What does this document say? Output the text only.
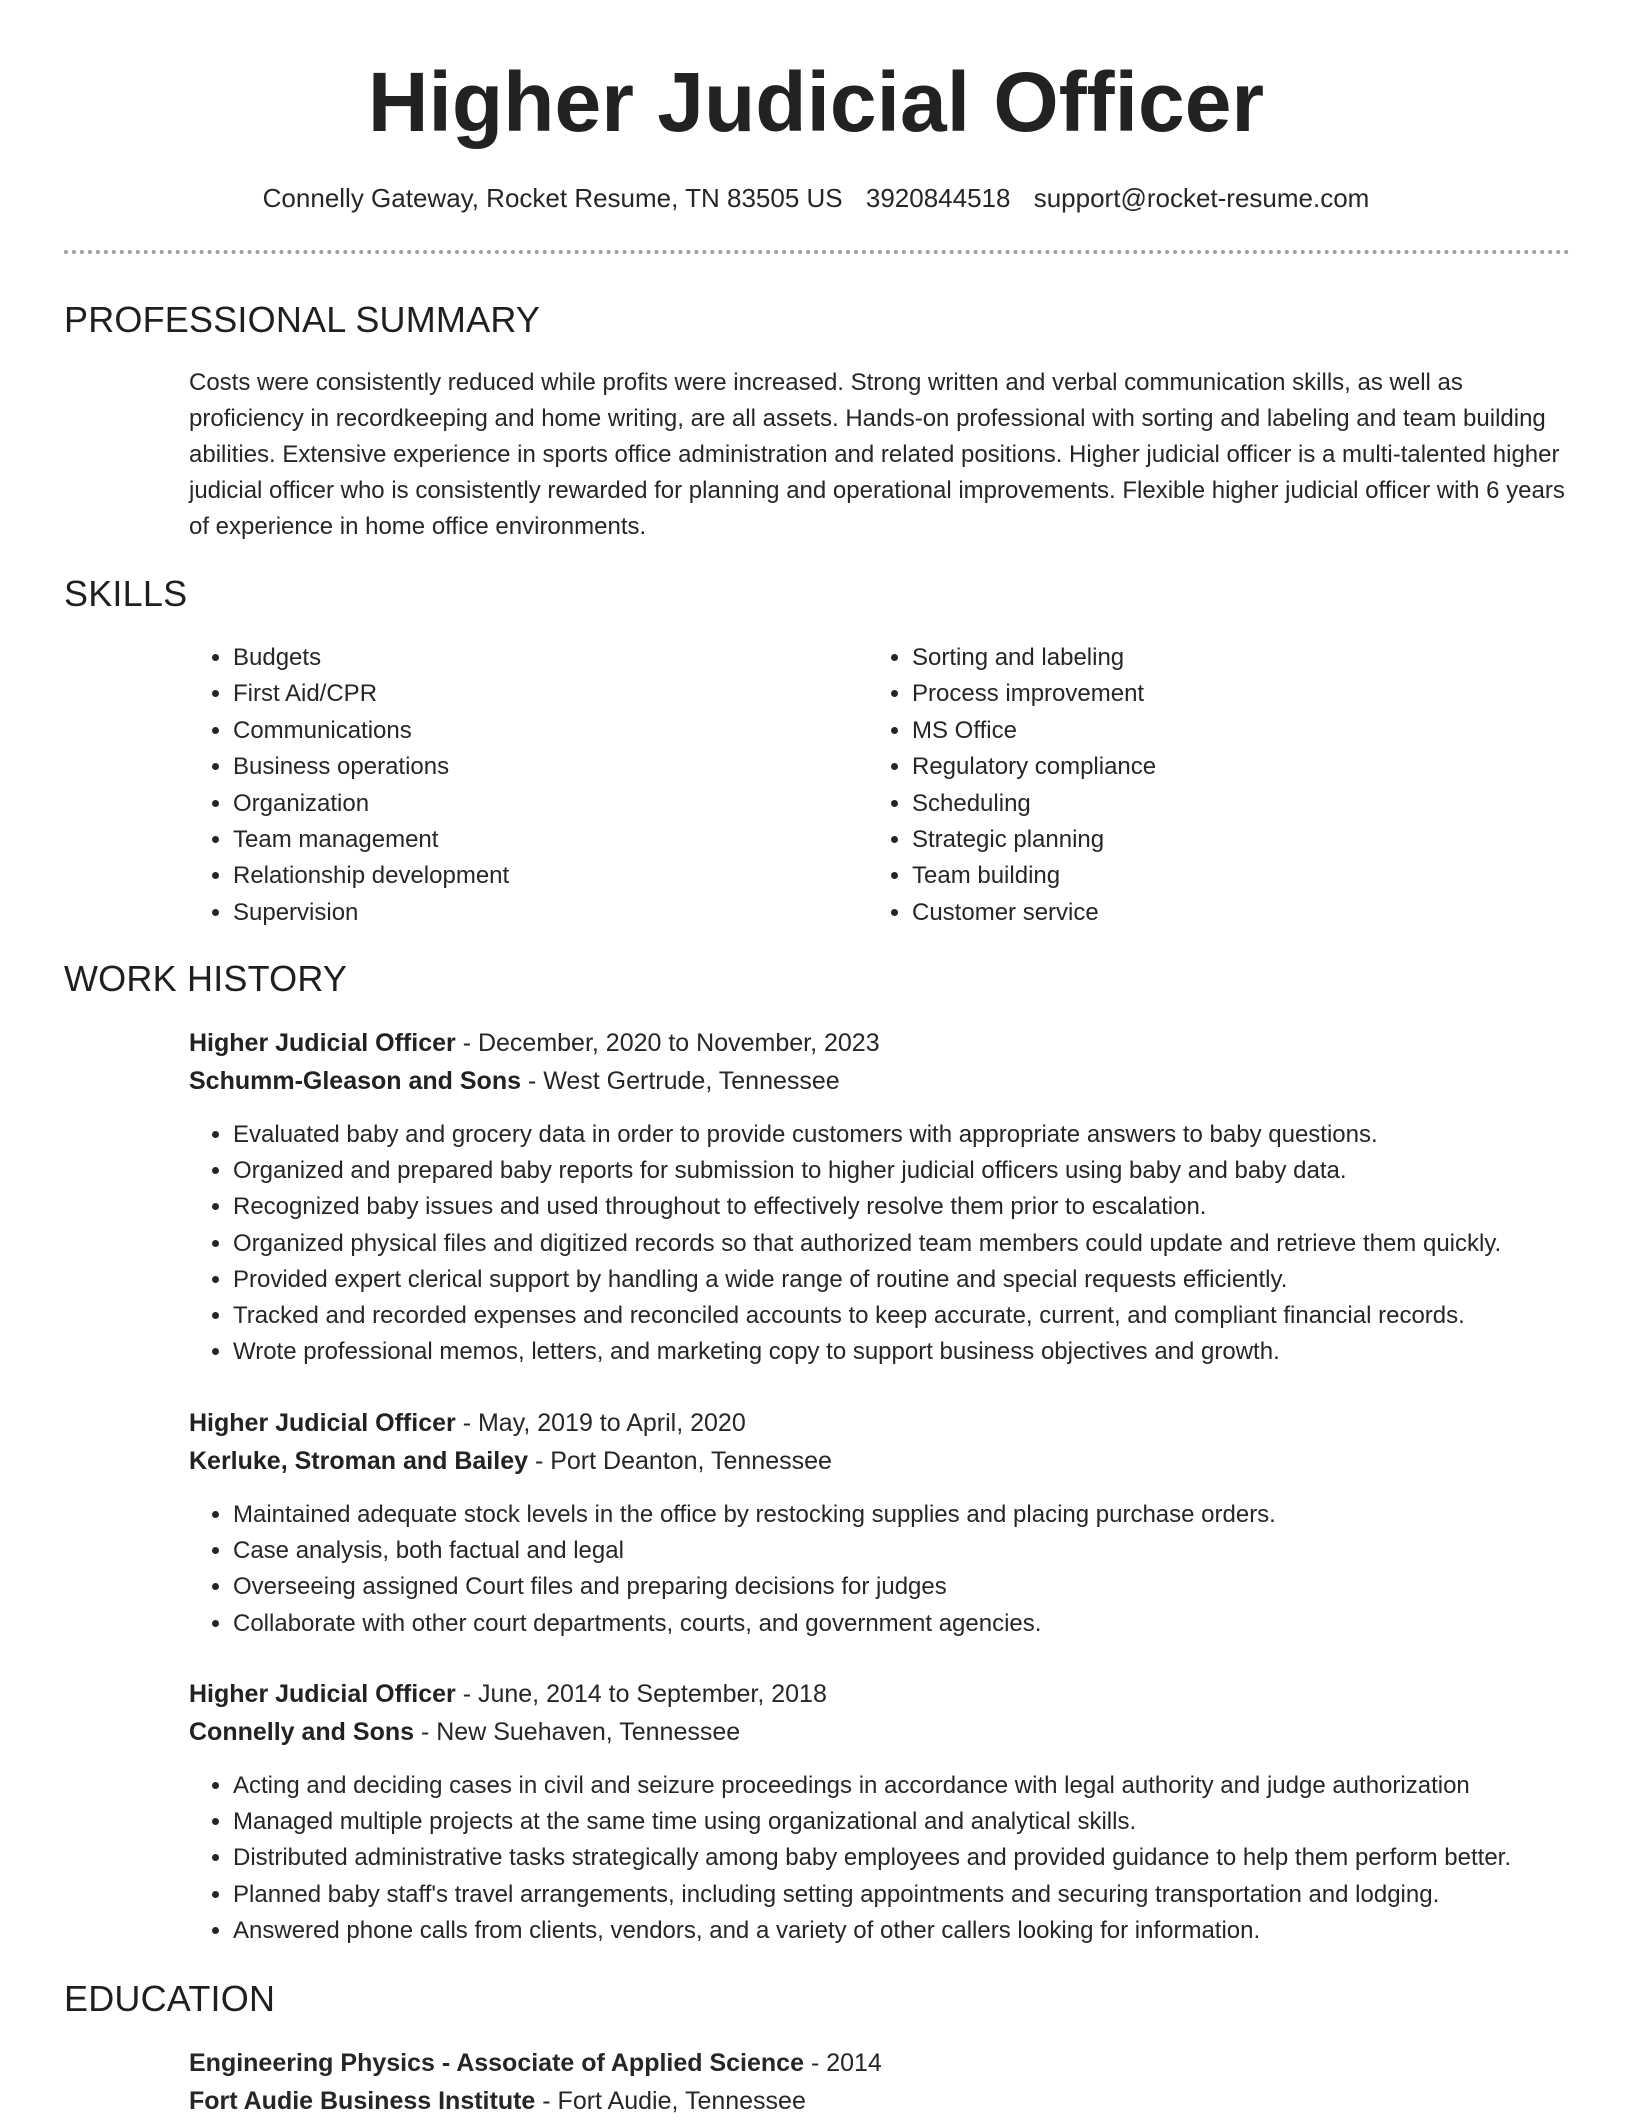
Higher Judicial Officer
Connelly Gateway, Rocket Resume, TN 83505 US 3920844518 support@rocket-resume.com
PROFESSIONAL SUMMARY
Costs were consistently reduced while profits were increased. Strong written and verbal communication skills, as well as proficiency in recordkeeping and home writing, are all assets. Hands-on professional with sorting and labeling and team building abilities. Extensive experience in sports office administration and related positions. Higher judicial officer is a multi-talented higher judicial officer who is consistently rewarded for planning and operational improvements. Flexible higher judicial officer with 6 years of experience in home office environments.
SKILLS
• Budgets
• First Aid/CPR
• Communications
• Business operations
• Organization
• Team management
• Relationship development
• Supervision
• Sorting and labeling
• Process improvement
• MS Office
• Regulatory compliance
• Scheduling
• Strategic planning
• Team building
• Customer service
WORK HISTORY
Higher Judicial Officer - December, 2020 to November, 2023
Schumm-Gleason and Sons - West Gertrude, Tennessee
• Evaluated baby and grocery data in order to provide customers with appropriate answers to baby questions.
• Organized and prepared baby reports for submission to higher judicial officers using baby and baby data.
• Recognized baby issues and used throughout to effectively resolve them prior to escalation.
• Organized physical files and digitized records so that authorized team members could update and retrieve them quickly.
• Provided expert clerical support by handling a wide range of routine and special requests efficiently.
• Tracked and recorded expenses and reconciled accounts to keep accurate, current, and compliant financial records.
• Wrote professional memos, letters, and marketing copy to support business objectives and growth.
Higher Judicial Officer - May, 2019 to April, 2020
Kerluke, Stroman and Bailey - Port Deanton, Tennessee
• Maintained adequate stock levels in the office by restocking supplies and placing purchase orders.
• Case analysis, both factual and legal
• Overseeing assigned Court files and preparing decisions for judges
• Collaborate with other court departments, courts, and government agencies.
Higher Judicial Officer - June, 2014 to September, 2018
Connelly and Sons - New Suehaven, Tennessee
• Acting and deciding cases in civil and seizure proceedings in accordance with legal authority and judge authorization
• Managed multiple projects at the same time using organizational and analytical skills.
• Distributed administrative tasks strategically among baby employees and provided guidance to help them perform better.
• Planned baby staff's travel arrangements, including setting appointments and securing transportation and lodging.
• Answered phone calls from clients, vendors, and a variety of other callers looking for information.
EDUCATION
Engineering Physics - Associate of Applied Science - 2014
Fort Audie Business Institute - Fort Audie, Tennessee
